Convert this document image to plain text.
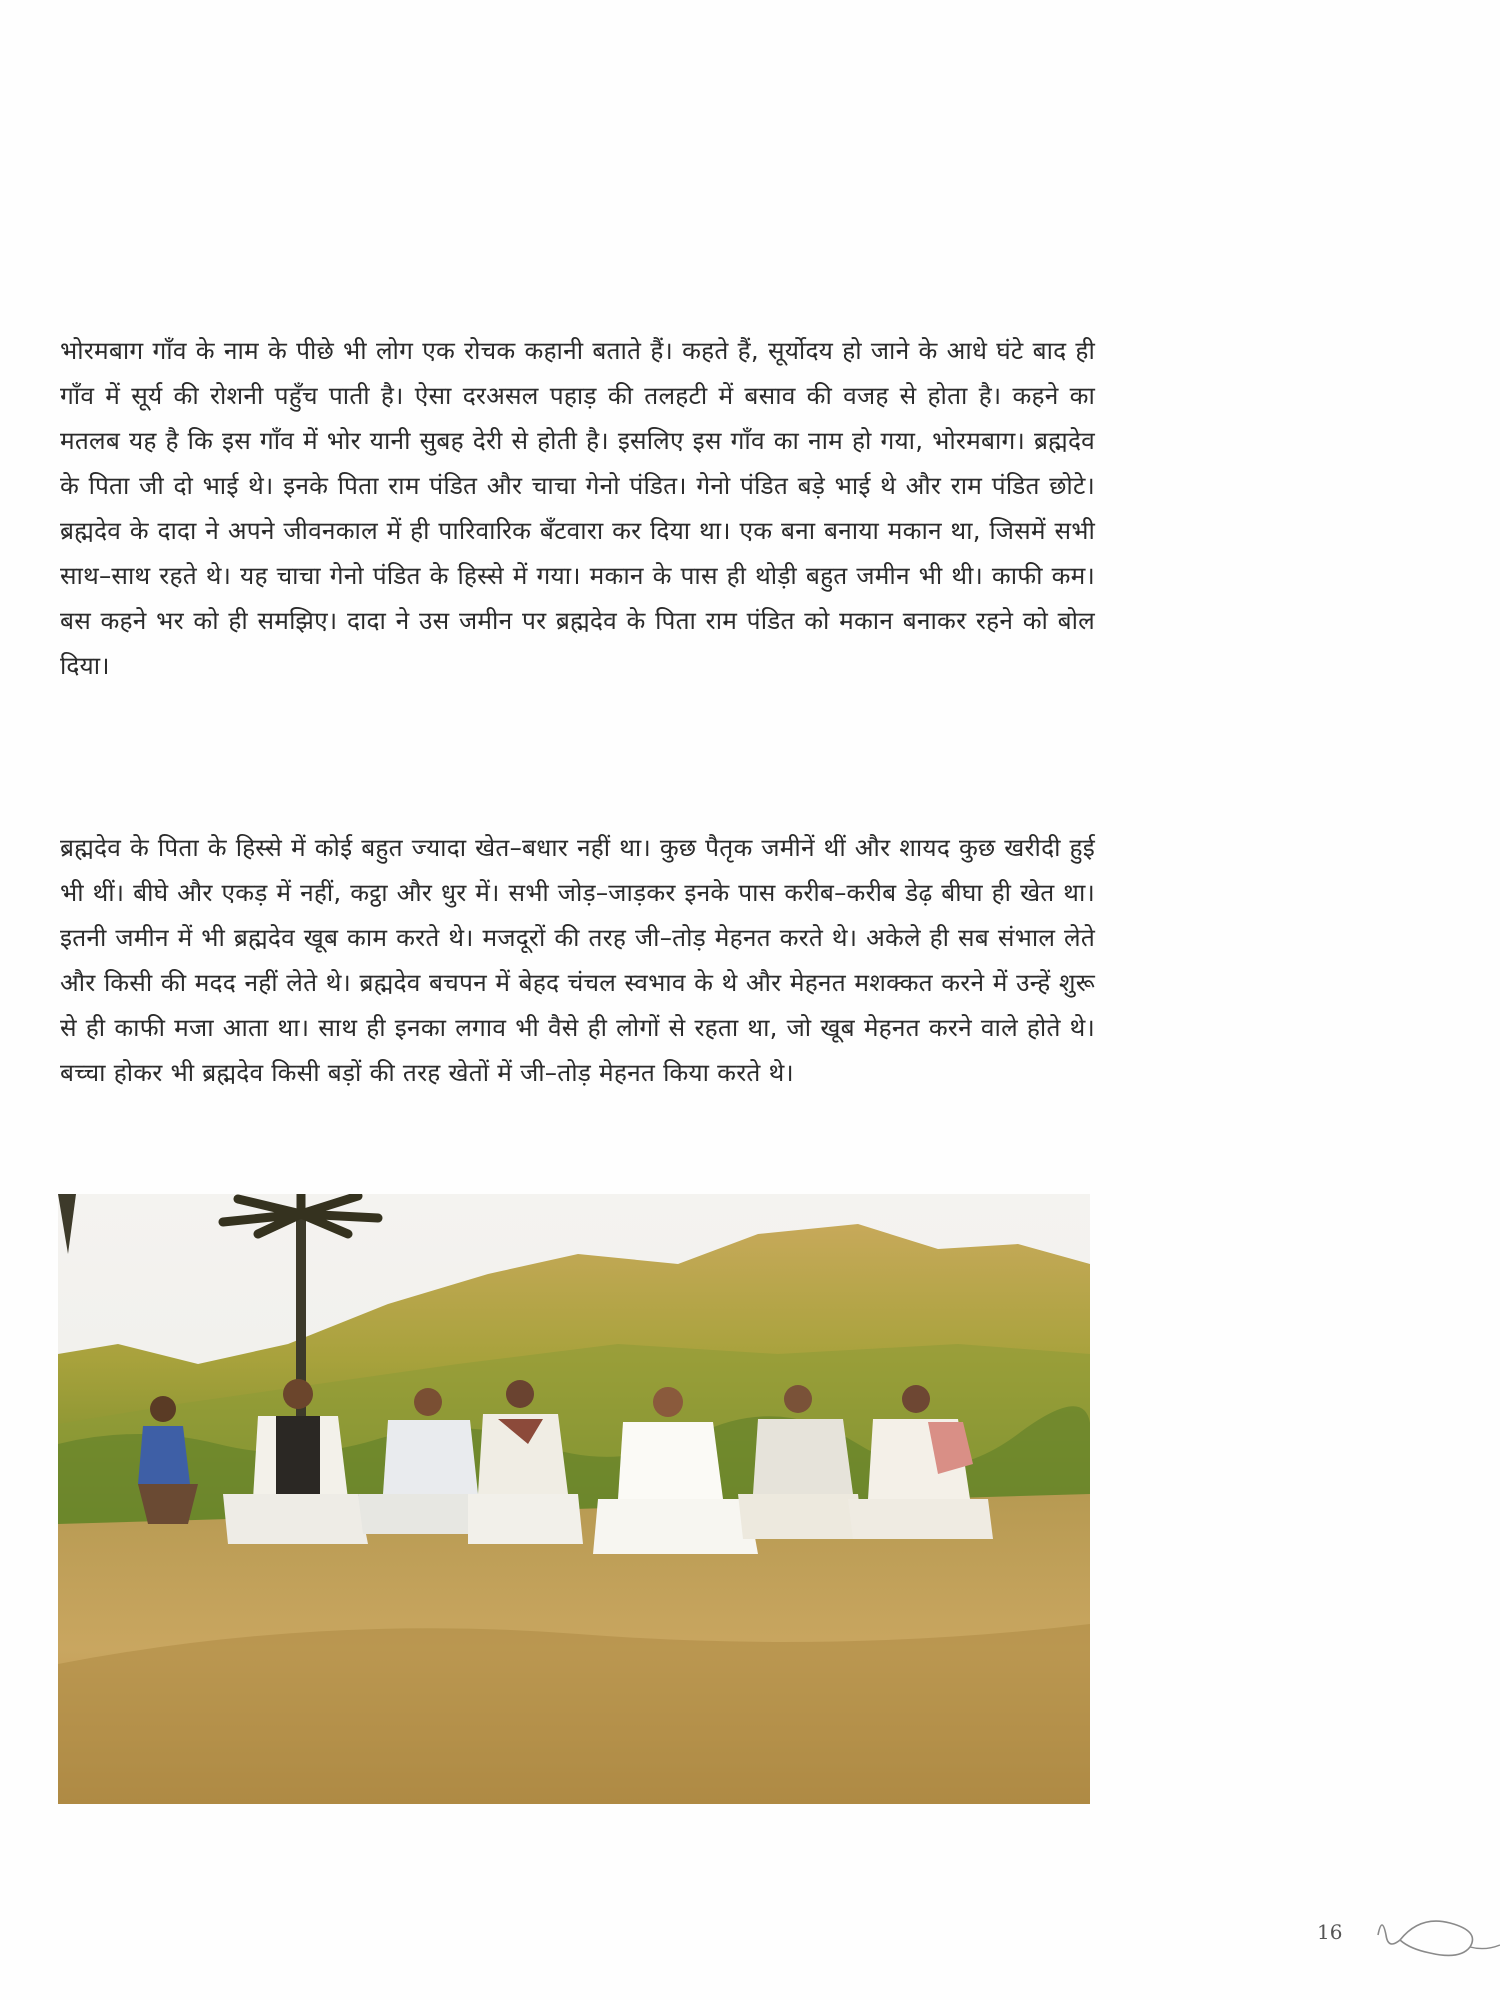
भोरमबाग गाँव के नाम के पीछे भी लोग एक रोचक कहानी बताते हैं। कहते हैं, सूर्योदय हो जाने के आधे घंटे बाद ही गाँव में सूर्य की रोशनी पहुँच पाती है। ऐसा दरअसल पहाड़ की तलहटी में बसाव की वजह से होता है। कहने का मतलब यह है कि इस गाँव में भोर यानी सुबह देरी से होती है। इसलिए इस गाँव का नाम हो गया, भोरमबाग। ब्रह्मदेव के पिता जी दो भाई थे। इनके पिता राम पंडित और चाचा गेनो पंडित। गेनो पंडित बड़े भाई थे और राम पंडित छोटे। ब्रह्मदेव के दादा ने अपने जीवनकाल में ही पारिवारिक बँटवारा कर दिया था। एक बना बनाया मकान था, जिसमें सभी साथ–साथ रहते थे। यह चाचा गेनो पंडित के हिस्से में गया। मकान के पास ही थोड़ी बहुत जमीन भी थी। काफी कम। बस कहने भर को ही समझिए। दादा ने उस जमीन पर ब्रह्मदेव के पिता राम पंडित को मकान बनाकर रहने को बोल दिया।

ब्रह्मदेव के पिता के हिस्से में कोई बहुत ज्यादा खेत–बधार नहीं था। कुछ पैतृक जमीनें थीं और शायद कुछ खरीदी हुई भी थीं। बीघे और एकड़ में नहीं, कट्ठा और धुर में। सभी जोड़–जाड़कर इनके पास करीब–करीब डेढ़ बीघा ही खेत था। इतनी जमीन में भी ब्रह्मदेव खूब काम करते थे। मजदूरों की तरह जी–तोड़ मेहनत करते थे। अकेले ही सब संभाल लेते और किसी की मदद नहीं लेते थे। ब्रह्मदेव बचपन में बेहद चंचल स्वभाव के थे और मेहनत मशक्कत करने में उन्हें शुरू से ही काफी मजा आता था। साथ ही इनका लगाव भी वैसे ही लोगों से रहता था, जो खूब मेहनत करने वाले होते थे। बच्चा होकर भी ब्रह्मदेव किसी बड़ों की तरह खेतों में जी–तोड़ मेहनत किया करते थे।

16
